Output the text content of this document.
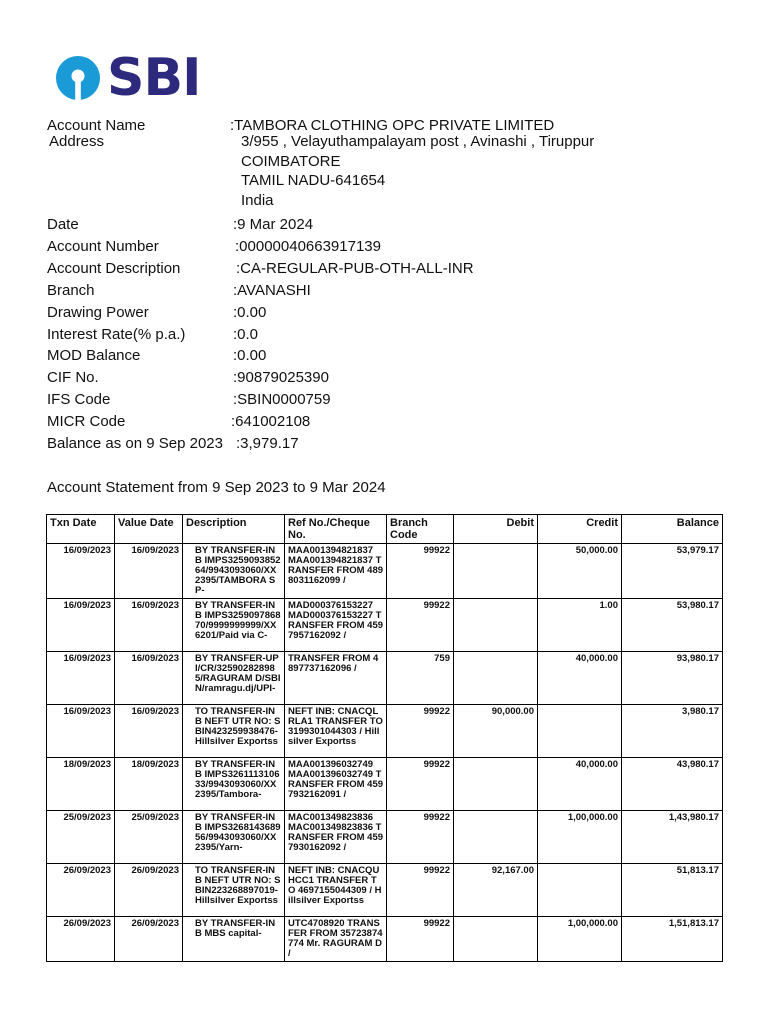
SBI
Account Name	:TAMBORA CLOTHING OPC PRIVATE LIMITED
Address	3/955 , Velayuthampalayam post , Avinashi , Tiruppur
COIMBATORE
TAMIL NADU-641654
India
Date	:9 Mar 2024
Account Number	:00000040663917139
Account Description	:CA-REGULAR-PUB-OTH-ALL-INR
Branch	:AVANASHI
Drawing Power	:0.00
Interest Rate(% p.a.)	:0.0
MOD Balance	:0.00
CIF No.	:90879025390
IFS Code	:SBIN0000759
MICR Code	:641002108
Balance as on 9 Sep 2023 :3,979.17
Account Statement from 9 Sep 2023 to 9 Mar 2024
Txn Date	Value Date	Description	Ref No./Cheque No.	Branch Code	Debit	Credit	Balance
16/09/2023	16/09/2023	BY TRANSFER-INB IMPS325909385264/9943093060/XX2395/TAMBORA SP-	MAA001394821837 MAA001394821837 TRANSFER FROM 4898031162099 /	99922		50,000.00	53,979.17
16/09/2023	16/09/2023	BY TRANSFER-INB IMPS325909786870/9999999999/XX6201/Paid via C-	MAD000376153227 MAD000376153227 TRANSFER FROM 4597957162092 /	99922		1.00	53,980.17
16/09/2023	16/09/2023	BY TRANSFER-UPI/CR/325902828985/RAGURAM D/SBIN/ramragu.dj/UPI-	TRANSFER FROM 4897737162096 /	759		40,000.00	93,980.17
16/09/2023	16/09/2023	TO TRANSFER-INB NEFT UTR NO: SBIN423259938476-Hillsilver Exportss	NEFT INB: CNACQLRLA1 TRANSFER TO 3199301044303 / Hillsilver Exportss	99922	90,000.00		3,980.17
18/09/2023	18/09/2023	BY TRANSFER-INB IMPS326111310633/9943093060/XX2395/Tambora-	MAA001396032749 MAA001396032749 TRANSFER FROM 4597932162091 /	99922		40,000.00	43,980.17
25/09/2023	25/09/2023	BY TRANSFER-INB IMPS326814368956/9943093060/XX2395/Yarn-	MAC001349823836 MAC001349823836 TRANSFER FROM 4597930162092 /	99922		1,00,000.00	1,43,980.17
26/09/2023	26/09/2023	TO TRANSFER-INB NEFT UTR NO: SBIN223268897019-Hillsilver Exportss	NEFT INB: CNACQUHCC1 TRANSFER TO 4697155044309 / Hillsilver Exportss	99922	92,167.00		51,813.17
26/09/2023	26/09/2023	BY TRANSFER-INB MBS capital-	UTC4708920 TRANSFER FROM 35723874774 Mr. RAGURAM D /	99922		1,00,000.00	1,51,813.17
